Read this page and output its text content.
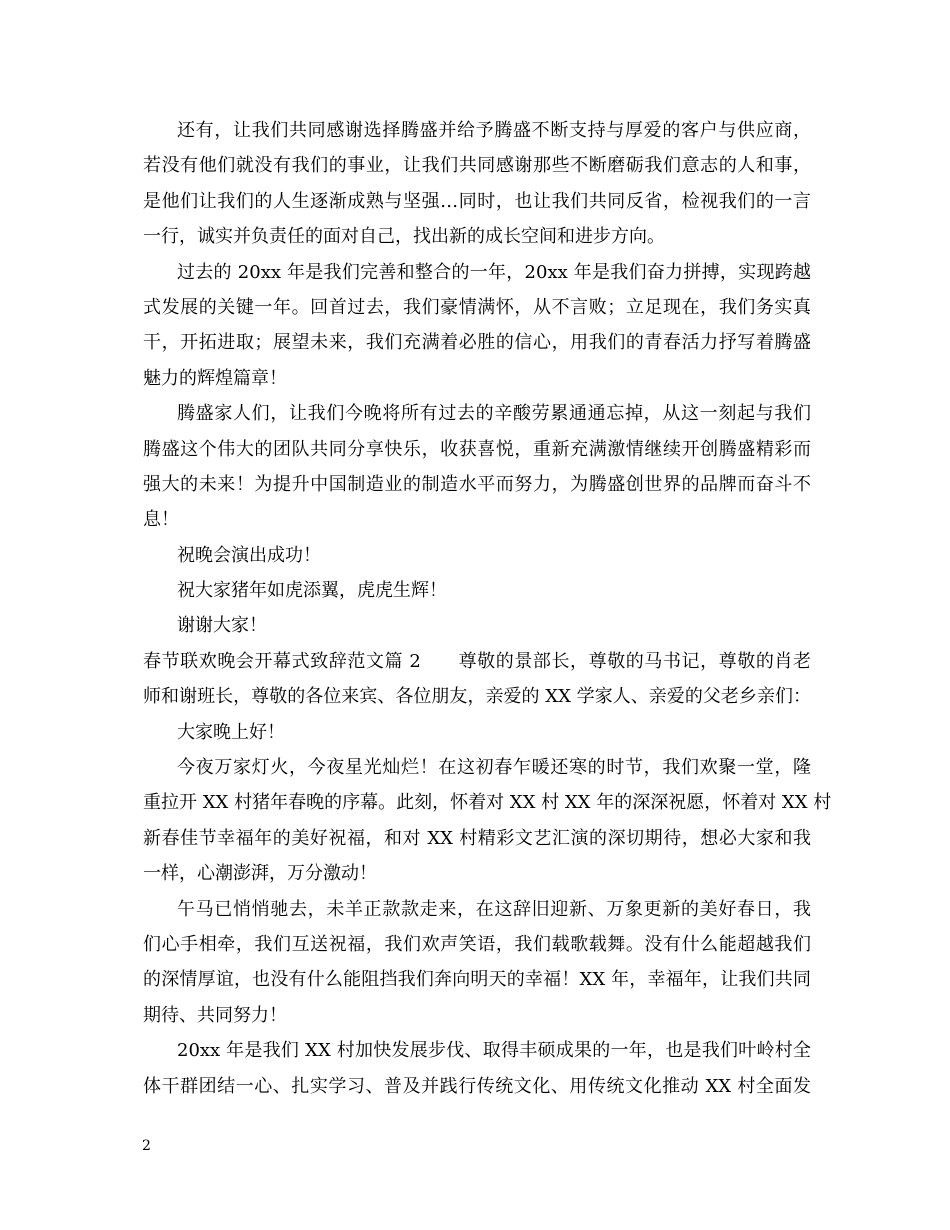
还有，让我们共同感谢选择腾盛并给予腾盛不断支持与厚爱的客户与供应商，
若没有他们就没有我们的事业，让我们共同感谢那些不断磨砺我们意志的人和事，
是他们让我们的人生逐渐成熟与坚强…同时，也让我们共同反省，检视我们的一言
一行，诚实并负责任的面对自己，找出新的成长空间和进步方向。
过去的 20xx 年是我们完善和整合的一年，20xx 年是我们奋力拼搏，实现跨越
式发展的关键一年。回首过去，我们豪情满怀，从不言败；立足现在，我们务实真
干，开拓进取；展望未来，我们充满着必胜的信心，用我们的青春活力抒写着腾盛
魅力的辉煌篇章！
腾盛家人们，让我们今晚将所有过去的辛酸劳累通通忘掉，从这一刻起与我们
腾盛这个伟大的团队共同分享快乐，收获喜悦，重新充满激情继续开创腾盛精彩而
强大的未来！为提升中国制造业的制造水平而努力，为腾盛创世界的品牌而奋斗不
息！
祝晚会演出成功！
祝大家猪年如虎添翼，虎虎生辉！
谢谢大家！
春节联欢晚会开幕式致辞范文篇 2　　尊敬的景部长，尊敬的马书记，尊敬的肖老
师和谢班长，尊敬的各位来宾、各位朋友，亲爱的 XX 学家人、亲爱的父老乡亲们：
大家晚上好！
今夜万家灯火，今夜星光灿烂！在这初春乍暖还寒的时节，我们欢聚一堂，隆
重拉开 XX 村猪年春晚的序幕。此刻，怀着对 XX 村 XX 年的深深祝愿，怀着对 XX 村
新春佳节幸福年的美好祝福，和对 XX 村精彩文艺汇演的深切期待，想必大家和我
一样，心潮澎湃，万分激动！
午马已悄悄驰去，未羊正款款走来，在这辞旧迎新、万象更新的美好春日，我
们心手相牵，我们互送祝福，我们欢声笑语，我们载歌载舞。没有什么能超越我们
的深情厚谊，也没有什么能阻挡我们奔向明天的幸福！XX 年，幸福年，让我们共同
期待、共同努力！
20xx 年是我们 XX 村加快发展步伐、取得丰硕成果的一年，也是我们叶岭村全
体干群团结一心、扎实学习、普及并践行传统文化、用传统文化推动 XX 村全面发
2
